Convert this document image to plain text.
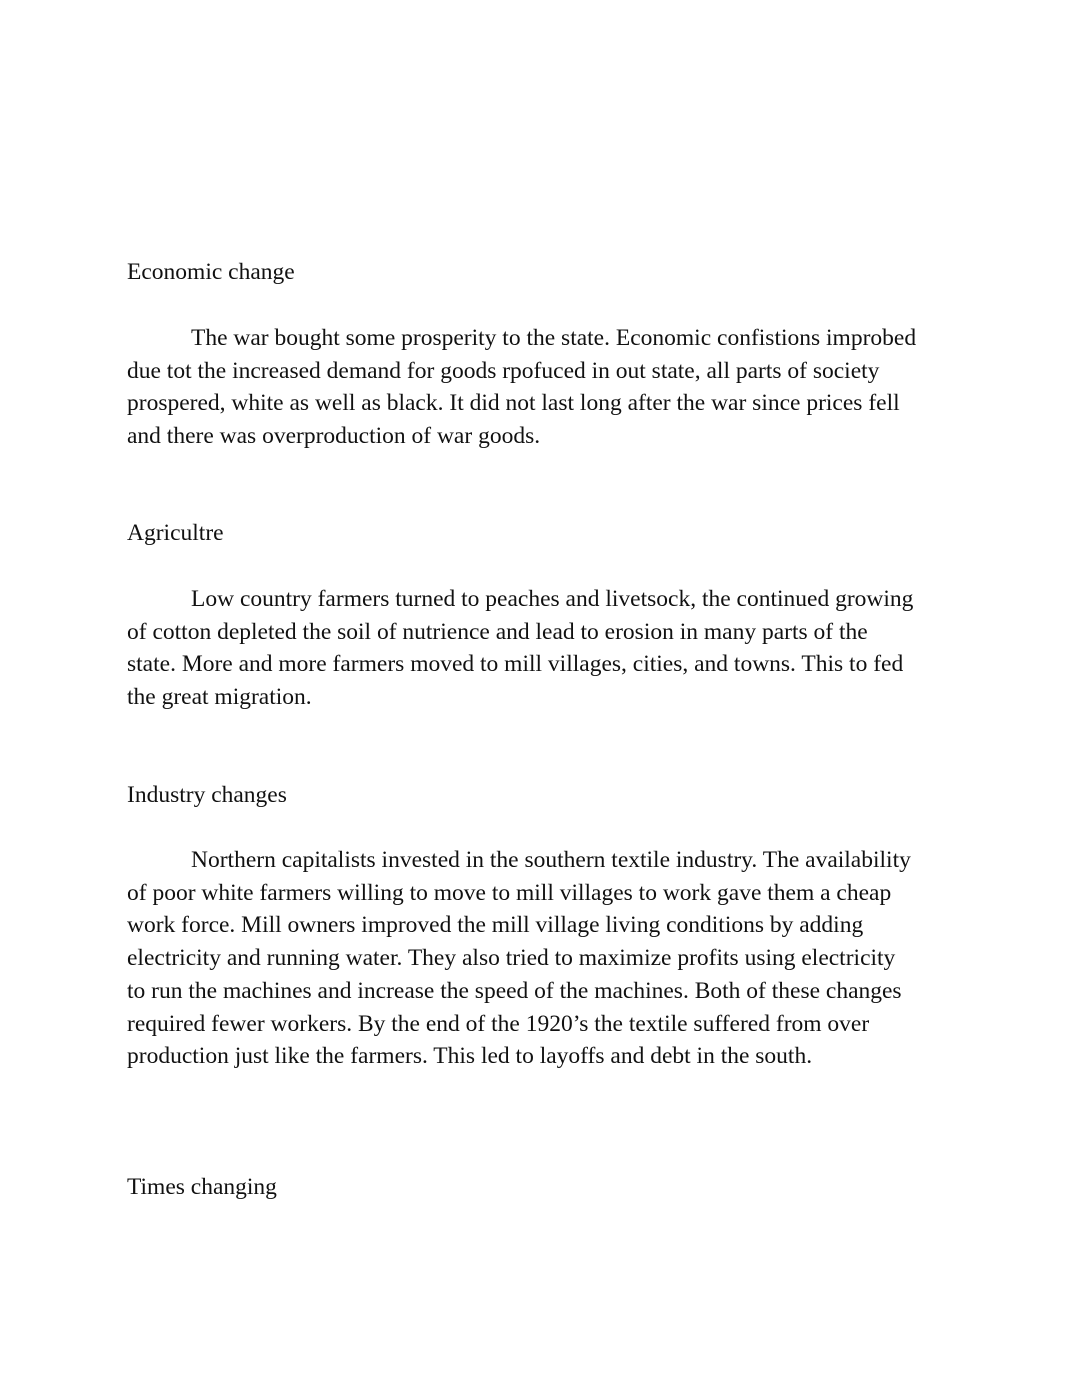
Economic change
The war bought some prosperity to the state. Economic confistions improbed
due tot the increased demand for goods rpofuced in out state, all parts of society
prospered, white as well as black. It did not last long after the war since prices fell
and there was overproduction of war goods.
Agricultre
Low country farmers turned to peaches and livetsock, the continued growing
of cotton depleted the soil of nutrience and lead to erosion in many parts of the
state. More and more farmers moved to mill villages, cities, and towns. This to fed
the great migration.
Industry changes
Northern capitalists invested in the southern textile industry. The availability
of poor white farmers willing to move to mill villages to work gave them a cheap
work force. Mill owners improved the mill village living conditions by adding
electricity and running water. They also tried to maximize profits using electricity
to run the machines and increase the speed of the machines. Both of these changes
required fewer workers. By the end of the 1920’s the textile suffered from over
production just like the farmers. This led to layoffs and debt in the south.
Times changing
